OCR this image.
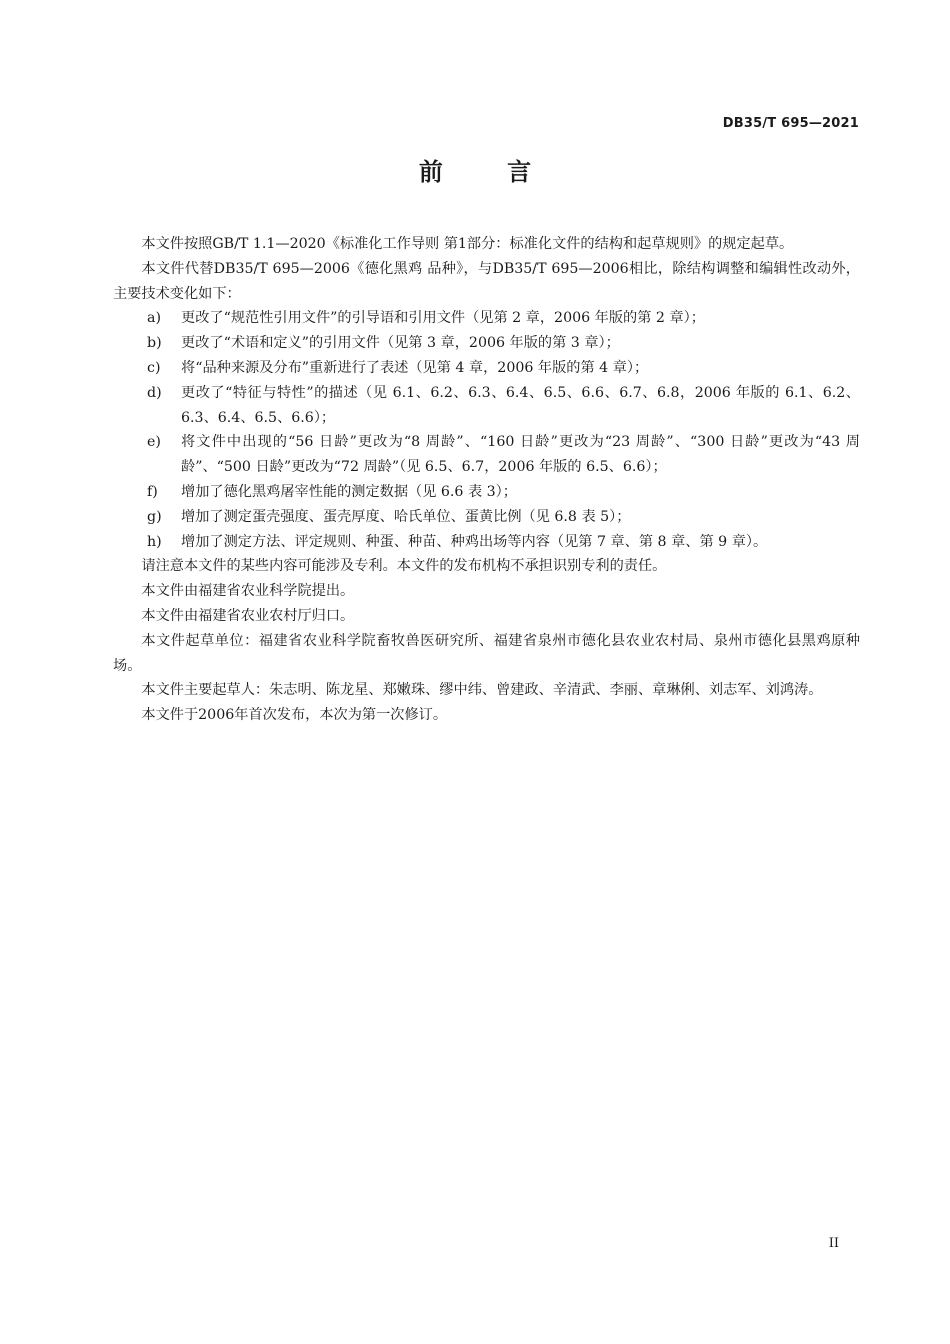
DB35/T 695—2021
前 言

本文件按照GB/T 1.1—2020《标准化工作导则 第1部分：标准化文件的结构和起草规则》的规定起草。

本文件代替DB35/T 695—2006《德化黑鸡 品种》，与DB35/T 695—2006相比，除结构调整和编辑性改动外，主要技术变化如下：

a) 更改了“规范性引用文件”的引导语和引用文件（见第 2 章，2006 年版的第 2 章）；
b) 更改了“术语和定义”的引用文件（见第 3 章，2006 年版的第 3 章）；
c) 将“品种来源及分布”重新进行了表述（见第 4 章，2006 年版的第 4 章）；
d) 更改了“特征与特性”的描述（见 6.1、6.2、6.3、6.4、6.5、6.6、6.7、6.8，2006 年版的 6.1、6.2、6.3、6.4、6.5、6.6）；
e) 将文件中出现的“56 日龄”更改为“8 周龄”、“160 日龄”更改为“23 周龄”、“300 日龄”更改为“43 周龄”、“500 日龄”更改为“72 周龄”（见 6.5、6.7，2006 年版的 6.5、6.6）；
f) 增加了德化黑鸡屠宰性能的测定数据（见 6.6 表 3）；
g) 增加了测定蛋壳强度、蛋壳厚度、哈氏单位、蛋黄比例（见 6.8 表 5）；
h) 增加了测定方法、评定规则、种蛋、种苗、种鸡出场等内容（见第 7 章、第 8 章、第 9 章）。

请注意本文件的某些内容可能涉及专利。本文件的发布机构不承担识别专利的责任。

本文件由福建省农业科学院提出。

本文件由福建省农业农村厅归口。

本文件起草单位：福建省农业科学院畜牧兽医研究所、福建省泉州市德化县农业农村局、泉州市德化县黑鸡原种场。

本文件主要起草人：朱志明、陈龙星、郑嫩珠、缪中纬、曾建政、辛清武、李丽、章琳俐、刘志军、刘鸿涛。

本文件于2006年首次发布，本次为第一次修订。

II
